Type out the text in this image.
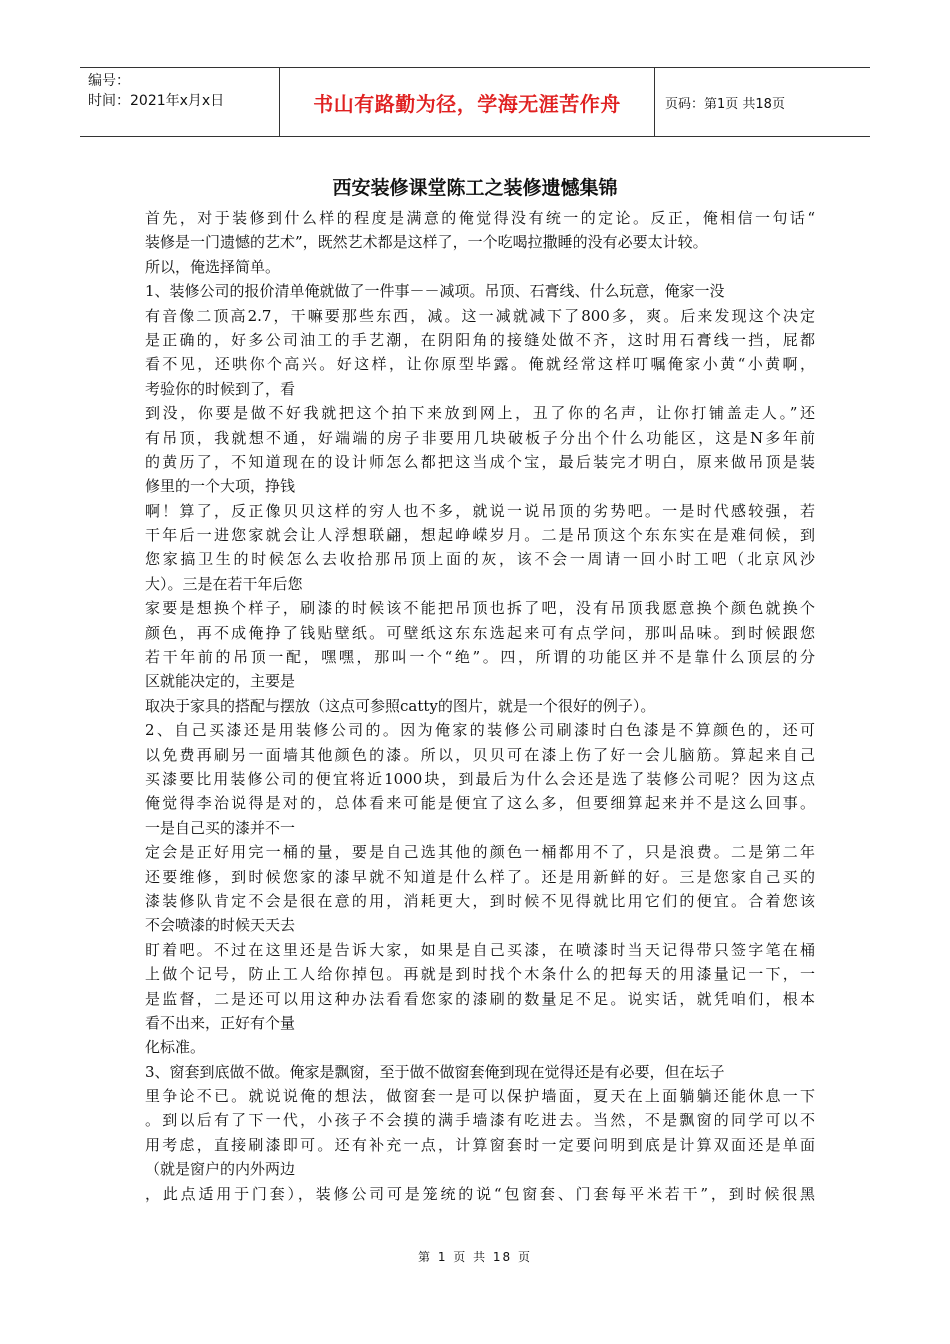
编号：
时间：2021年x月x日	书山有路勤为径，学海无涯苦作舟	页码：第1页 共18页
西安装修课堂陈工之装修遗憾集锦
首先，对于装修到什么样的程度是满意的俺觉得没有统一的定论。反正，俺相信一句话“
装修是一门遗憾的艺术”，既然艺术都是这样了，一个吃喝拉撒睡的没有必要太计较。
所以，俺选择简单。
1、装修公司的报价清单俺就做了一件事－－减项。吊顶、石膏线、什么玩意，俺家一没
有音像二顶高2.7，干嘛要那些东西，减。这一减就减下了800多，爽。后来发现这个决定
是正确的，好多公司油工的手艺潮，在阴阳角的接缝处做不齐，这时用石膏线一挡，屁都
看不见，还哄你个高兴。好这样，让你原型毕露。俺就经常这样叮嘱俺家小黄“小黄啊，
考验你的时候到了，看
到没，你要是做不好我就把这个拍下来放到网上，丑了你的名声，让你打铺盖走人。”还
有吊顶，我就想不通，好端端的房子非要用几块破板子分出个什么功能区，这是N多年前
的黄历了，不知道现在的设计师怎么都把这当成个宝，最后装完才明白，原来做吊顶是装
修里的一个大项，挣钱
啊！算了，反正像贝贝这样的穷人也不多，就说一说吊顶的劣势吧。一是时代感较强，若
干年后一进您家就会让人浮想联翩，想起峥嵘岁月。二是吊顶这个东东实在是难伺候，到
您家搞卫生的时候怎么去收拾那吊顶上面的灰，该不会一周请一回小时工吧（北京风沙
大）。三是在若干年后您
家要是想换个样子，刷漆的时候该不能把吊顶也拆了吧，没有吊顶我愿意换个颜色就换个
颜色，再不成俺挣了钱贴壁纸。可壁纸这东东选起来可有点学问，那叫品味。到时候跟您
若干年前的吊顶一配，嘿嘿，那叫一个“绝”。四，所谓的功能区并不是靠什么顶层的分
区就能决定的，主要是
取决于家具的搭配与摆放（这点可参照catty的图片，就是一个很好的例子）。
2、自己买漆还是用装修公司的。因为俺家的装修公司刷漆时白色漆是不算颜色的，还可
以免费再刷另一面墙其他颜色的漆。所以，贝贝可在漆上伤了好一会儿脑筋。算起来自己
买漆要比用装修公司的便宜将近1000块，到最后为什么会还是选了装修公司呢？因为这点
俺觉得李治说得是对的，总体看来可能是便宜了这么多，但要细算起来并不是这么回事。
一是自己买的漆并不一
定会是正好用完一桶的量，要是自己选其他的颜色一桶都用不了，只是浪费。二是第二年
还要维修，到时候您家的漆早就不知道是什么样了。还是用新鲜的好。三是您家自己买的
漆装修队肯定不会是很在意的用，消耗更大，到时候不见得就比用它们的便宜。合着您该
不会喷漆的时候天天去
盯着吧。不过在这里还是告诉大家，如果是自己买漆，在喷漆时当天记得带只签字笔在桶
上做个记号，防止工人给你掉包。再就是到时找个木条什么的把每天的用漆量记一下，一
是监督，二是还可以用这种办法看看您家的漆刷的数量足不足。说实话，就凭咱们，根本
看不出来，正好有个量
化标准。
3、窗套到底做不做。俺家是飘窗，至于做不做窗套俺到现在觉得还是有必要，但在坛子
里争论不已。就说说俺的想法，做窗套一是可以保护墙面，夏天在上面躺躺还能休息一下
。到以后有了下一代，小孩子不会摸的满手墙漆有吃进去。当然，不是飘窗的同学可以不
用考虑，直接刷漆即可。还有补充一点，计算窗套时一定要问明到底是计算双面还是单面
（就是窗户的内外两边
，此点适用于门套），装修公司可是笼统的说“包窗套、门套每平米若干”，到时候很黑
第 1 页 共 18 页
